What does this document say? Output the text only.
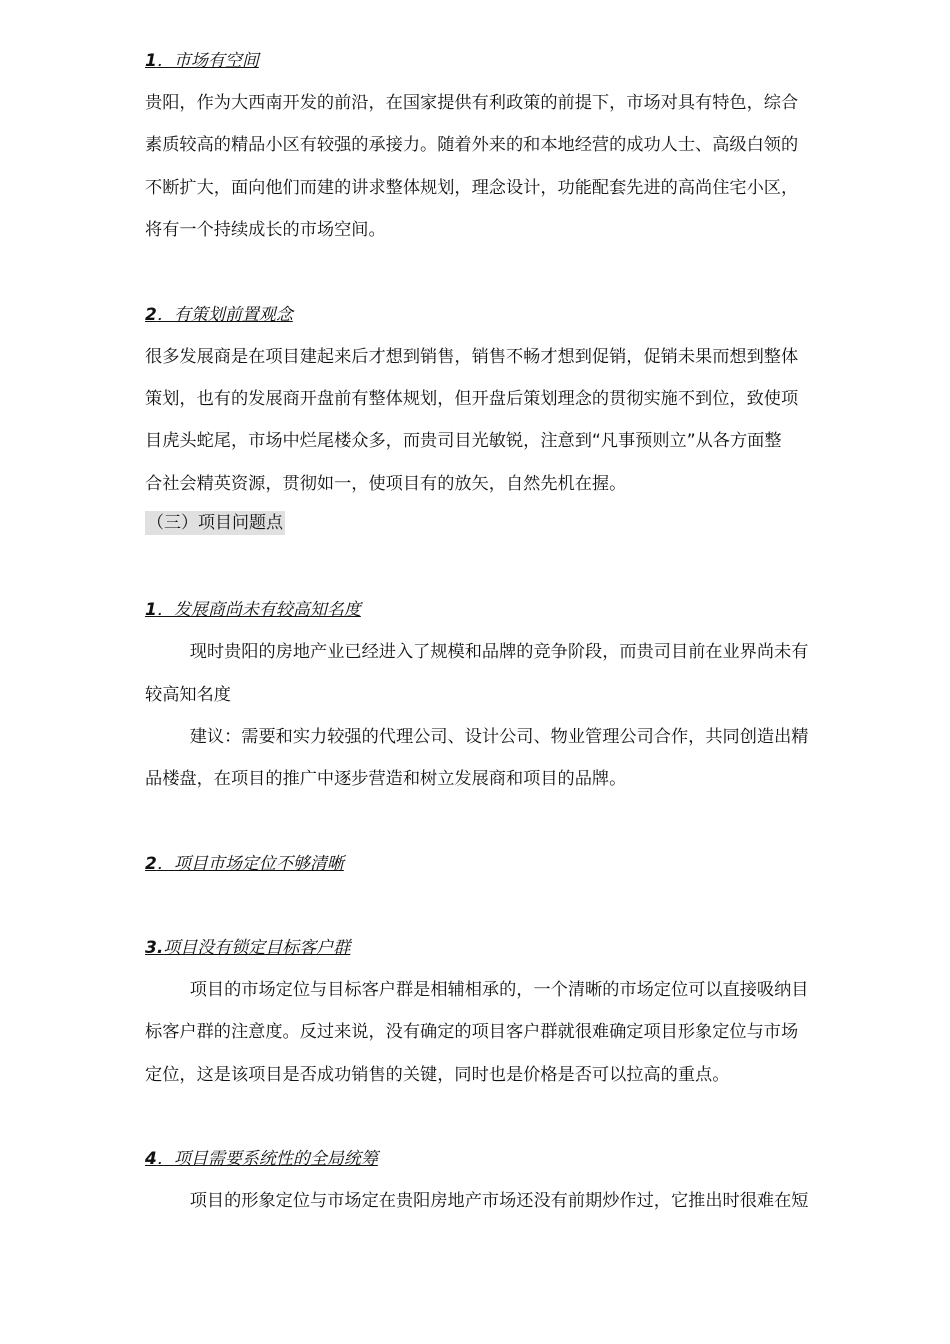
1．市场有空间

贵阳，作为大西南开发的前沿，在国家提供有利政策的前提下，市场对具有特色，综合
素质较高的精品小区有较强的承接力。随着外来的和本地经营的成功人士、高级白领的
不断扩大，面向他们而建的讲求整体规划，理念设计，功能配套先进的高尚住宅小区，
将有一个持续成长的市场空间。

2．有策划前置观念

很多发展商是在项目建起来后才想到销售，销售不畅才想到促销，促销未果而想到整体
策划，也有的发展商开盘前有整体规划，但开盘后策划理念的贯彻实施不到位，致使项
目虎头蛇尾，市场中烂尾楼众多，而贵司目光敏锐，注意到“凡事预则立”从各方面整
合社会精英资源，贯彻如一，使项目有的放矢，自然先机在握。

（三）项目问题点
1．发展商尚未有较高知名度

现时贵阳的房地产业已经进入了规模和品牌的竞争阶段，而贵司目前在业界尚未有
较高知名度

建议：需要和实力较强的代理公司、设计公司、物业管理公司合作，共同创造出精
品楼盘，在项目的推广中逐步营造和树立发展商和项目的品牌。

2．项目市场定位不够清晰
3.项目没有锁定目标客户群

项目的市场定位与目标客户群是相辅相承的，一个清晰的市场定位可以直接吸纳目
标客户群的注意度。反过来说，没有确定的项目客户群就很难确定项目形象定位与市场
定位，这是该项目是否成功销售的关键，同时也是价格是否可以拉高的重点。

4．项目需要系统性的全局统筹

项目的形象定位与市场定在贵阳房地产市场还没有前期炒作过，它推出时很难在短
